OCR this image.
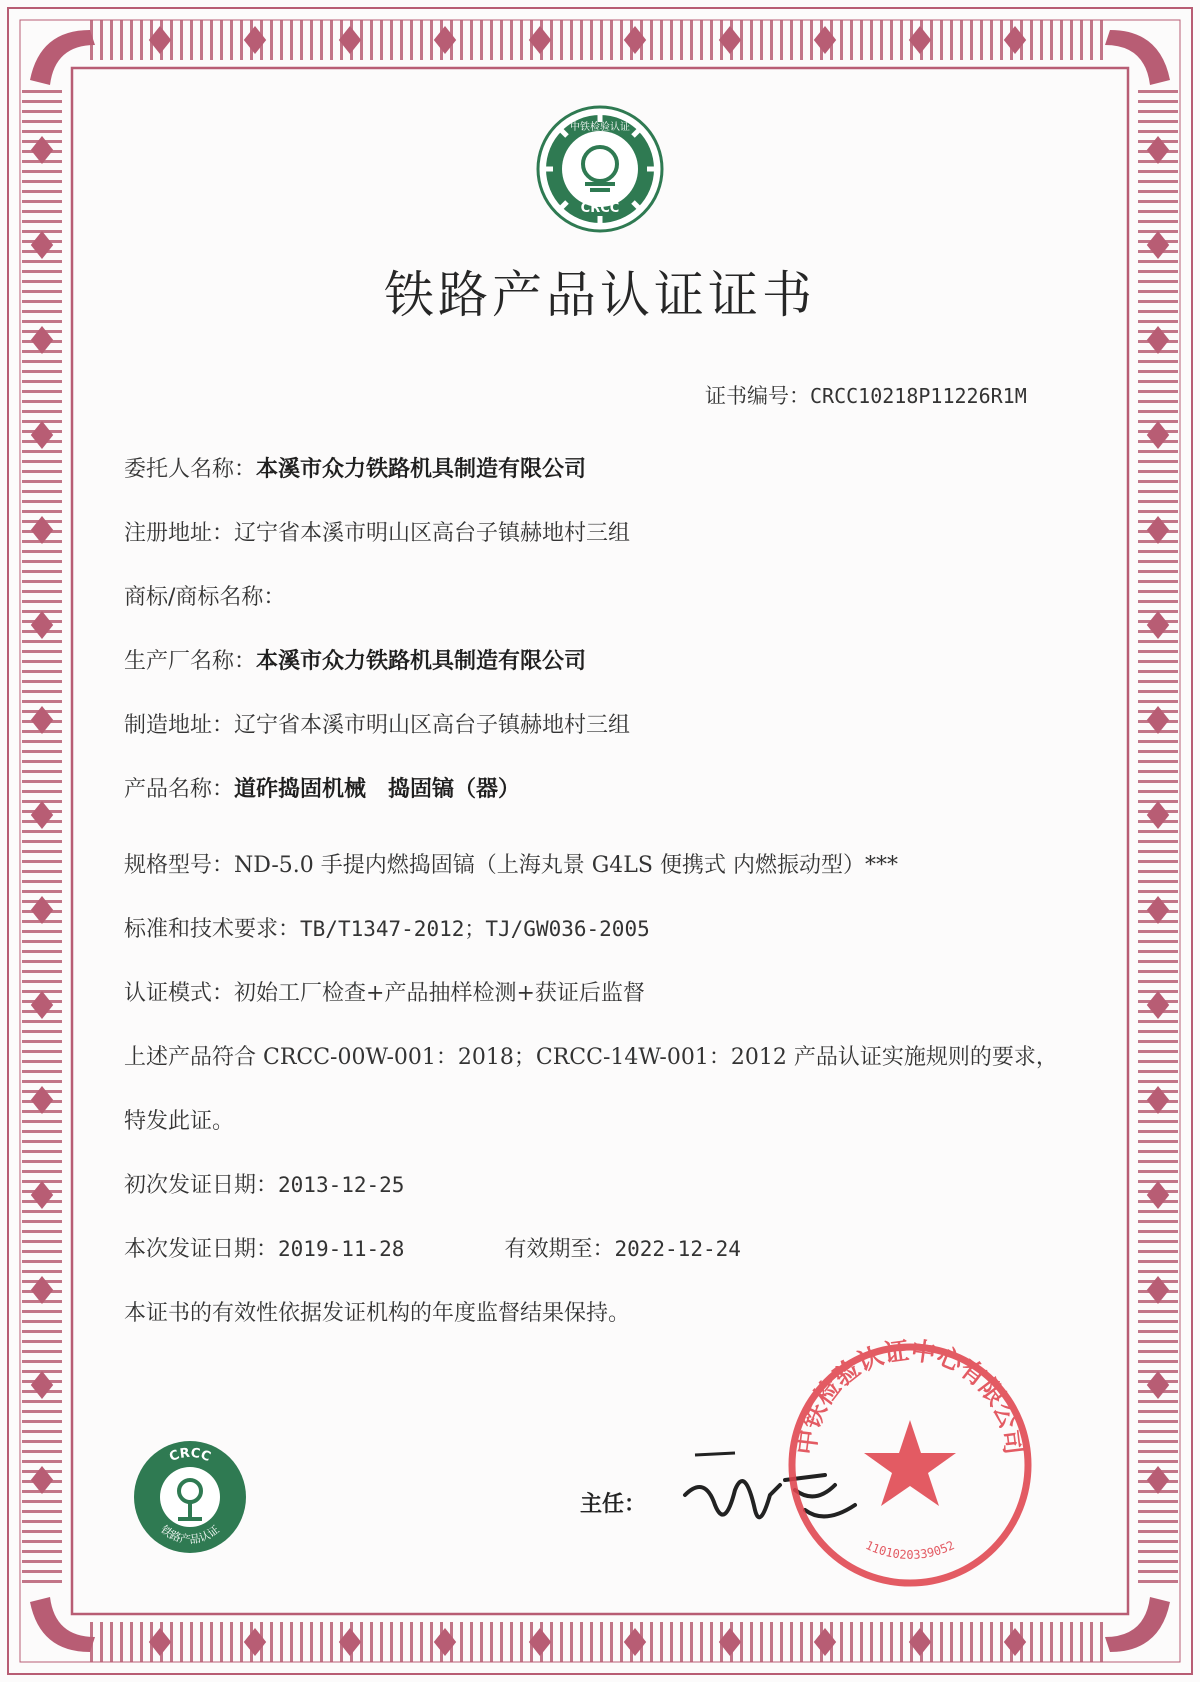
中铁检验认证
CRCC
铁路产品认证证书
证书编号：CRCC10218P11226R1M
委托人名称：本溪市众力铁路机具制造有限公司
注册地址：辽宁省本溪市明山区高台子镇赫地村三组
商标/商标名称：
生产厂名称：本溪市众力铁路机具制造有限公司
制造地址：辽宁省本溪市明山区高台子镇赫地村三组
产品名称：道砟捣固机械　捣固镐（器）
规格型号：ND-5.0 手提内燃捣固镐（上海丸景 G4LS 便携式 内燃振动型）***
标准和技术要求：TB/T1347-2012；TJ/GW036-2005
认证模式：初始工厂检查+产品抽样检测+获证后监督
上述产品符合 CRCC-00W-001：2018；CRCC-14W-001：2012 产品认证实施规则的要求，
特发此证。
初次发证日期：2013-12-25
本次发证日期：2019-11-28	有效期至：2022-12-24
本证书的有效性依据发证机构的年度监督结果保持。
CRCC
铁路产品认证
主任：
中铁检验认证中心有限公司
1101020339052
